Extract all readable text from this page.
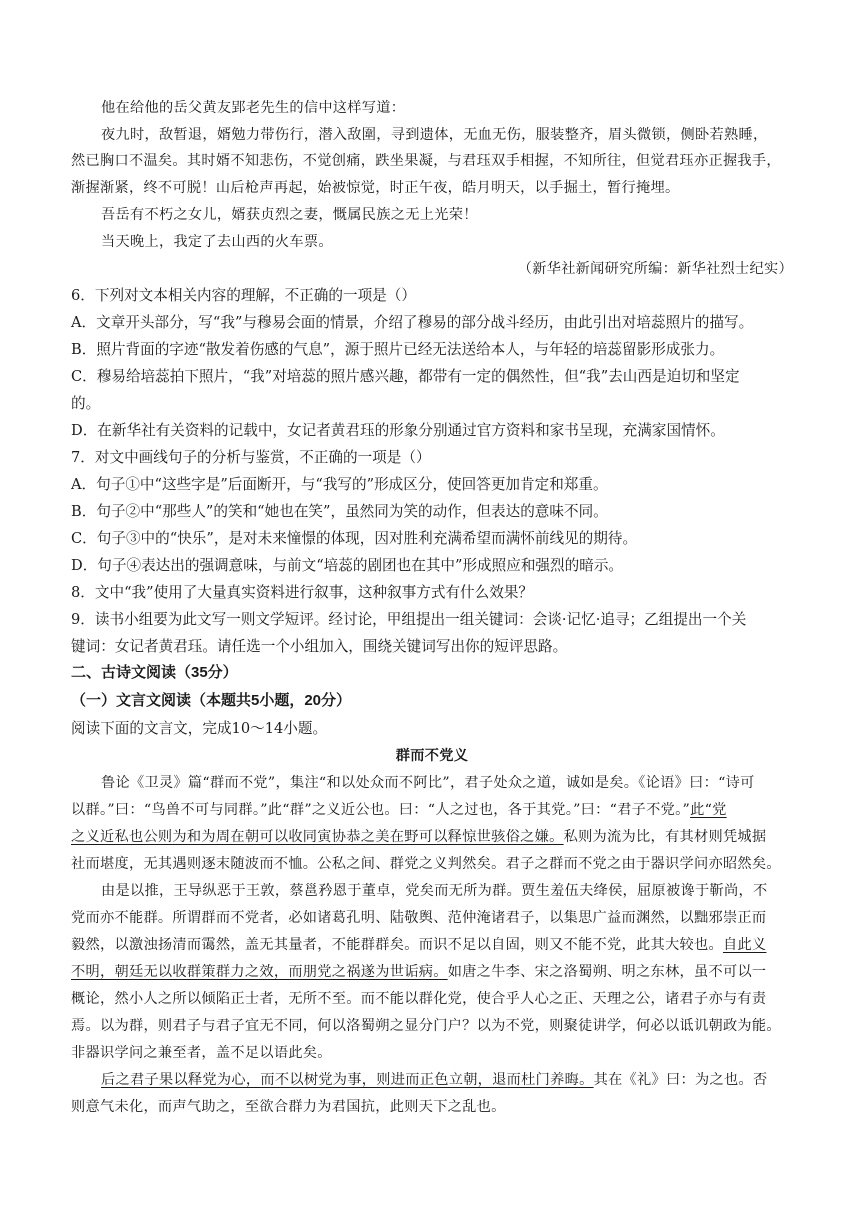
他在给他的岳父黄友郢老先生的信中这样写道：
夜九时，敌暂退，婿勉力带伤行，潜入敌圍，寻到遗体，无血无伤，服装整齐，眉头微锁，侧卧若熟睡，
然已胸口不温矣。其时婿不知悲伤，不觉创痛，跌坐果凝，与君珏双手相握，不知所往，但觉君珏亦正握我手，
渐握渐紧，终不可脱！山后枪声再起，始被惊觉，时正午夜，皓月明天，以手掘土，暂行掩埋。
吾岳有不朽之女儿，婿获贞烈之妻，慨属民族之无上光荣！
当天晚上，我定了去山西的火车票。
（新华社新闻研究所编：新华社烈士纪实）
6．下列对文本相关内容的理解，不正确的一项是（）
A．文章开头部分，写“我”与穆易会面的情景，介绍了穆易的部分战斗经历，由此引出对培蕊照片的描写。
B．照片背面的字迹“散发着伤感的气息”，源于照片已经无法送给本人，与年轻的培蕊留影形成张力。
C．穆易给培蕊拍下照片，“我”对培蕊的照片感兴趣，都带有一定的偶然性，但“我”去山西是迫切和坚定
的。
D．在新华社有关资料的记载中，女记者黄君珏的形象分别通过官方资料和家书呈现，充满家国情怀。
7．对文中画线句子的分析与鉴赏，不正确的一项是（）
A．句子①中“这些字是”后面断开，与“我写的”形成区分，使回答更加肯定和郑重。
B．句子②中“那些人”的笑和“她也在笑”，虽然同为笑的动作，但表达的意味不同。
C．句子③中的“快乐”，是对未来憧憬的体现，因对胜利充满希望而满怀前线见的期待。
D．句子④表达出的强调意味，与前文“培蕊的剧团也在其中”形成照应和强烈的暗示。
8．文中“我”使用了大量真实资料进行叙事，这种叙事方式有什么效果？
9．读书小组要为此文写一则文学短评。经讨论，甲组提出一组关键词：会谈·记忆·追寻；乙组提出一个关
键词：女记者黄君珏。请任选一个小组加入，围绕关键词写出你的短评思路。
二、古诗文阅读（35分）
（一）文言文阅读（本题共5小题，20分）
阅读下面的文言文，完成10～14小题。
群而不党义
鲁论《卫灵》篇“群而不党”，集注“和以处众而不阿比”，君子处众之道，诚如是矣。《论语》曰：“诗可
以群。”曰：“鸟兽不可与同群。”此“群”之义近公也。曰：“人之过也，各于其党。”曰：“君子不党。”此“党
之义近私也公则为和为周在朝可以收同寅协恭之美在野可以释惊世骇俗之嫌。私则为流为比，有其材则凭城据
社而堪度，无其遇则逐末随波而不恤。公私之间、群党之义判然矣。君子之群而不党之由于器识学问亦昭然矣。
由是以推，王导纵恶于王敦，蔡邕矜恩于董卓，党矣而无所为群。贾生羞伍夫绛侯，屈原被谗于靳尚，不
党而亦不能群。所谓群而不党者，必如诸葛孔明、陆敬舆、范仲淹诸君子，以集思广益而渊然，以黜邪崇正而
毅然，以激浊扬清而霭然，盖无其量者，不能群群矣。而识不足以自固，则又不能不党，此其大较也。自此义
不明，朝廷无以收群策群力之效，而朋党之祸遂为世诟病。如唐之牛李、宋之洛蜀朔、明之东林，虽不可以一
概论，然小人之所以倾陷正士者，无所不至。而不能以群化党，使合乎人心之正、天理之公，诸君子亦与有责
焉。以为群，则君子与君子宜无不同，何以洛蜀朔之显分门户？以为不党，则聚徒讲学，何必以诋讥朝政为能。
非器识学问之兼至者，盖不足以语此矣。
后之君子果以释党为心，而不以树党为事，则进而正色立朝，退而杜门养晦。其在《礼》曰：为之也。否
则意气未化，而声气助之，至欲合群力为君国抗，此则天下之乱也。
